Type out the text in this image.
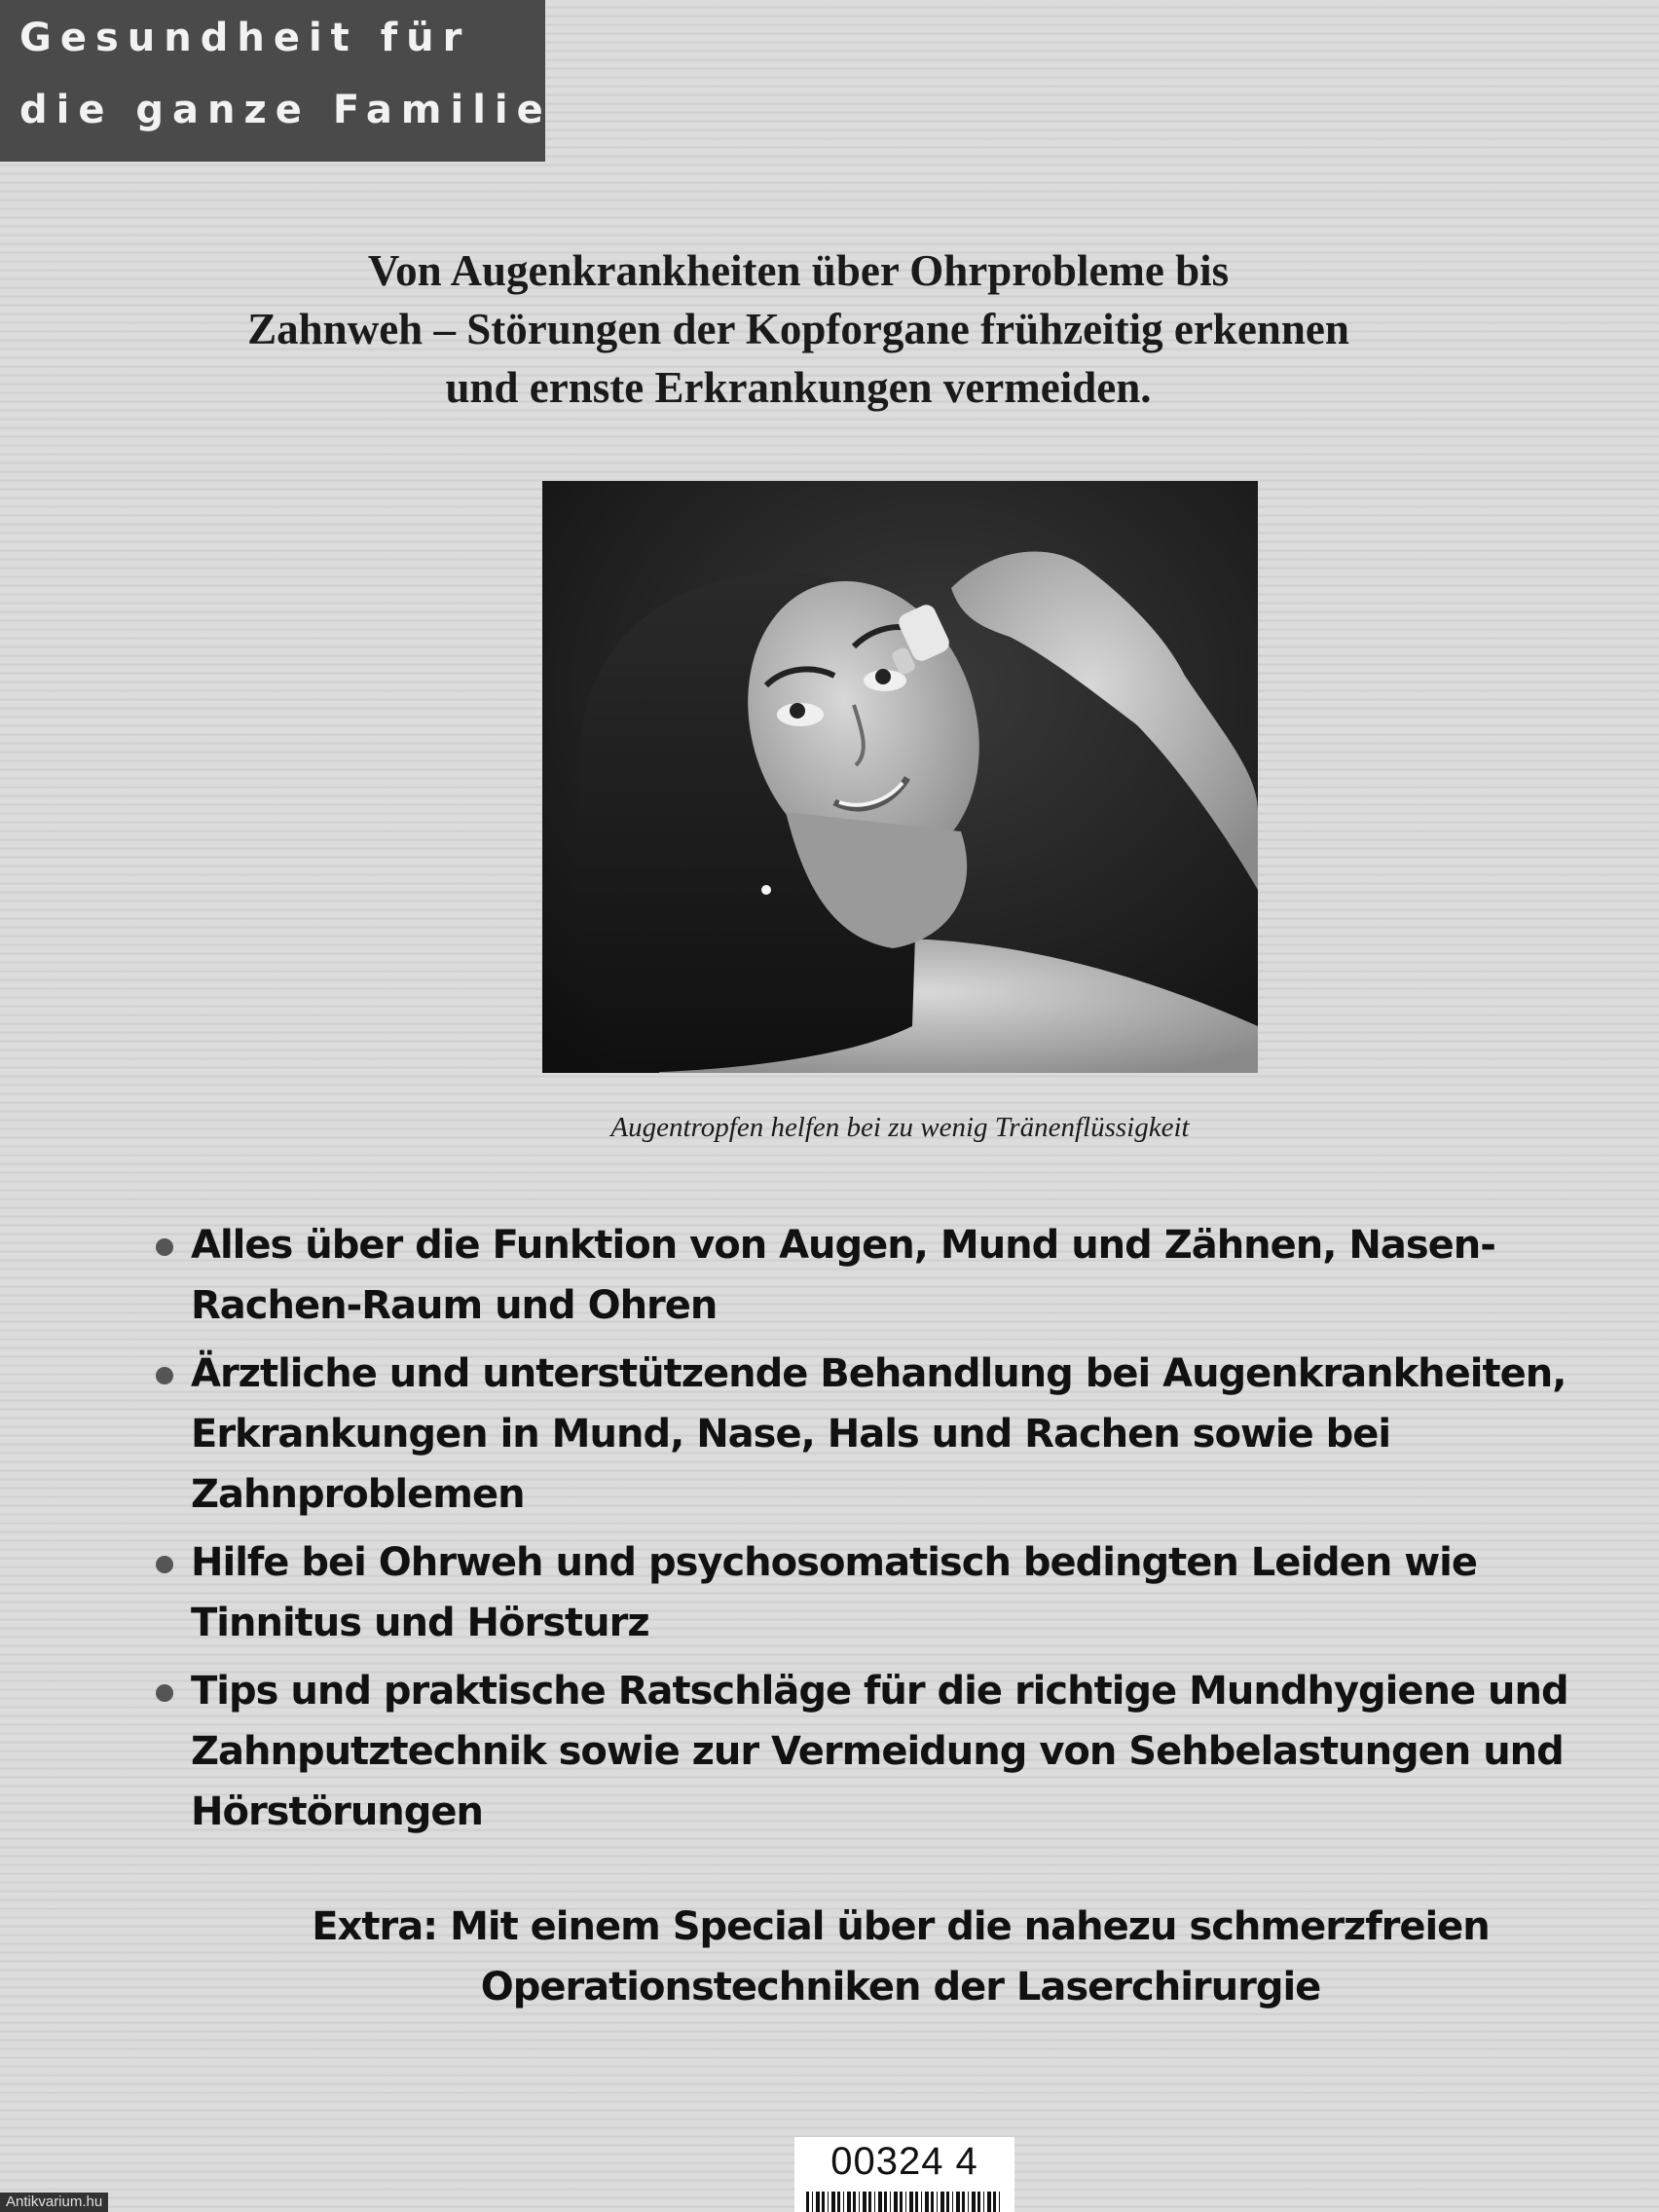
Gesundheit für
die ganze Familie
Von Augenkrankheiten über Ohrprobleme bis
Zahnweh – Störungen der Kopforgane frühzeitig erkennen
und ernste Erkrankungen vermeiden.
Augentropfen helfen bei zu wenig Tränenflüssigkeit
Alles über die Funktion von Augen, Mund und Zähnen, Nasen-
Rachen-Raum und Ohren
Ärztliche und unterstützende Behandlung bei Augenkrankheiten,
Erkrankungen in Mund, Nase, Hals und Rachen sowie bei
Zahnproblemen
Hilfe bei Ohrweh und psychosomatisch bedingten Leiden wie
Tinnitus und Hörsturz
Tips und praktische Ratschläge für die richtige Mundhygiene und
Zahnputztechnik sowie zur Vermeidung von Sehbelastungen und
Hörstörungen
Extra: Mit einem Special über die nahezu schmerzfreien
Operationstechniken der Laserchirurgie
00324 4
Antikvarium.hu
